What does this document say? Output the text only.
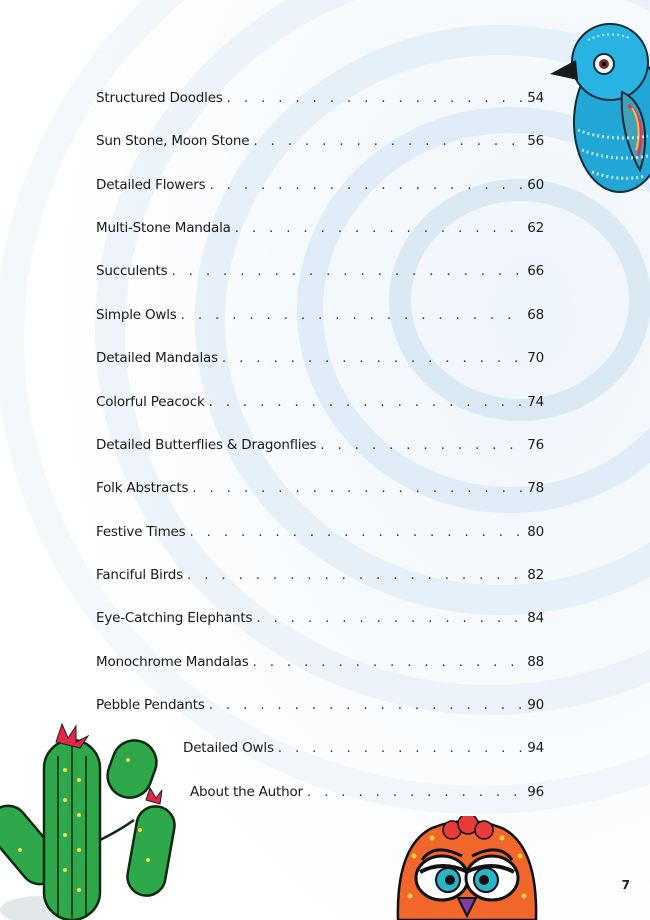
Structured Doodles . . .	54
Sun Stone, Moon Stone . . .	56
Detailed Flowers . . .	60
Multi-Stone Mandala . . .	62
Succulents . . .	66
Simple Owls . . .	68
Detailed Mandalas . . .	70
Colorful Peacock . . .	74
Detailed Butterflies & Dragonflies . . .	76
Folk Abstracts . . .	78
Festive Times . . .	80
Fanciful Birds . . .	82
Eye-Catching Elephants . . .	84
Monochrome Mandalas . . .	88
Pebble Pendants . . .	90
Detailed Owls . . .	94
About the Author . . .	96
7
